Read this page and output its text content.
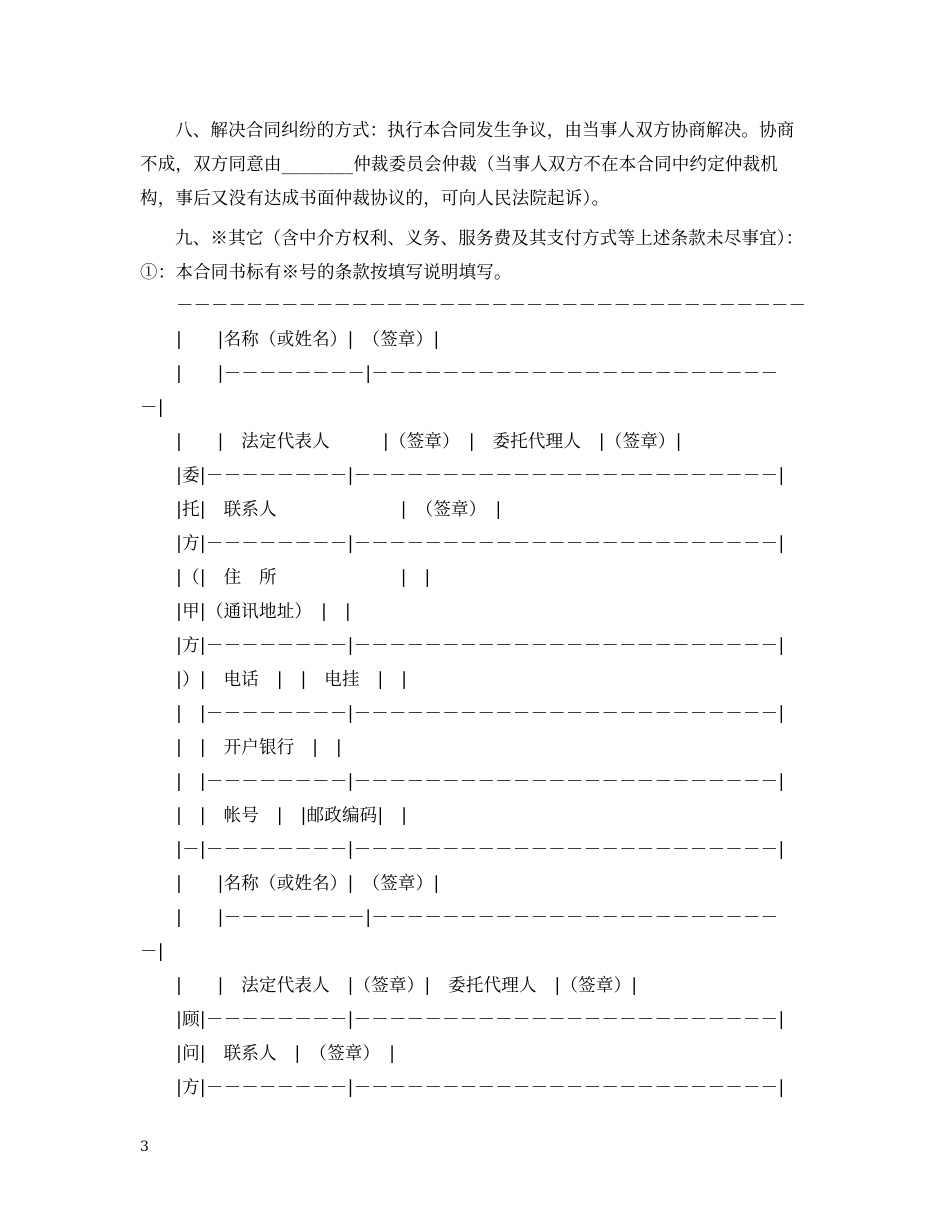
八、解决合同纠纷的方式：执行本合同发生争议，由当事人双方协商解决。协商不成，双方同意由________仲裁委员会仲裁（当事人双方不在本合同中约定仲裁机构，事后又没有达成书面仲裁协议的，可向人民法院起诉）。

九、※其它（含中介方权利、义务、服务费及其支付方式等上述条款未尽事宜）：①：本合同书标有※号的条款按填写说明填写。

－－－－－－－－－－－－－－－－－－－－－－－－－－－－－－－－－－－－
|　　|名称（或姓名）|　（签章）|
|　　|－－－－－－－－|－－－－－－－－－－－－－－－－－－－－－－－
－|
|　　|　法定代表人　　　|（签章）　|　委托代理人　|（签章）|
|委|－－－－－－－－|－－－－－－－－－－－－－－－－－－－－－－－－|
|托|　联系人　　　　　　　|　（签章）　|
|方|－－－－－－－－|－－－－－－－－－－－－－－－－－－－－－－－－|
|（|　住　所　　　　　　　|　|
|甲|（通讯地址）　|　|
|方|－－－－－－－－|－－－－－－－－－－－－－－－－－－－－－－－－|
|）|　电话　|　|　电挂　|　|
|　|－－－－－－－－|－－－－－－－－－－－－－－－－－－－－－－－－|
|　|　开户银行　|　|
|　|－－－－－－－－|－－－－－－－－－－－－－－－－－－－－－－－－|
|　|　帐号　|　|邮政编码|　|
|－|－－－－－－－－|－－－－－－－－－－－－－－－－－－－－－－－－|
|　　|名称（或姓名）|　（签章）|
|　　|－－－－－－－－|－－－－－－－－－－－－－－－－－－－－－－－
－|
|　　|　法定代表人　|（签章）|　委托代理人　|（签章）|
|顾|－－－－－－－－|－－－－－－－－－－－－－－－－－－－－－－－－|
|问|　联系人　|　（签章）　|
|方|－－－－－－－－|－－－－－－－－－－－－－－－－－－－－－－－－|
3
